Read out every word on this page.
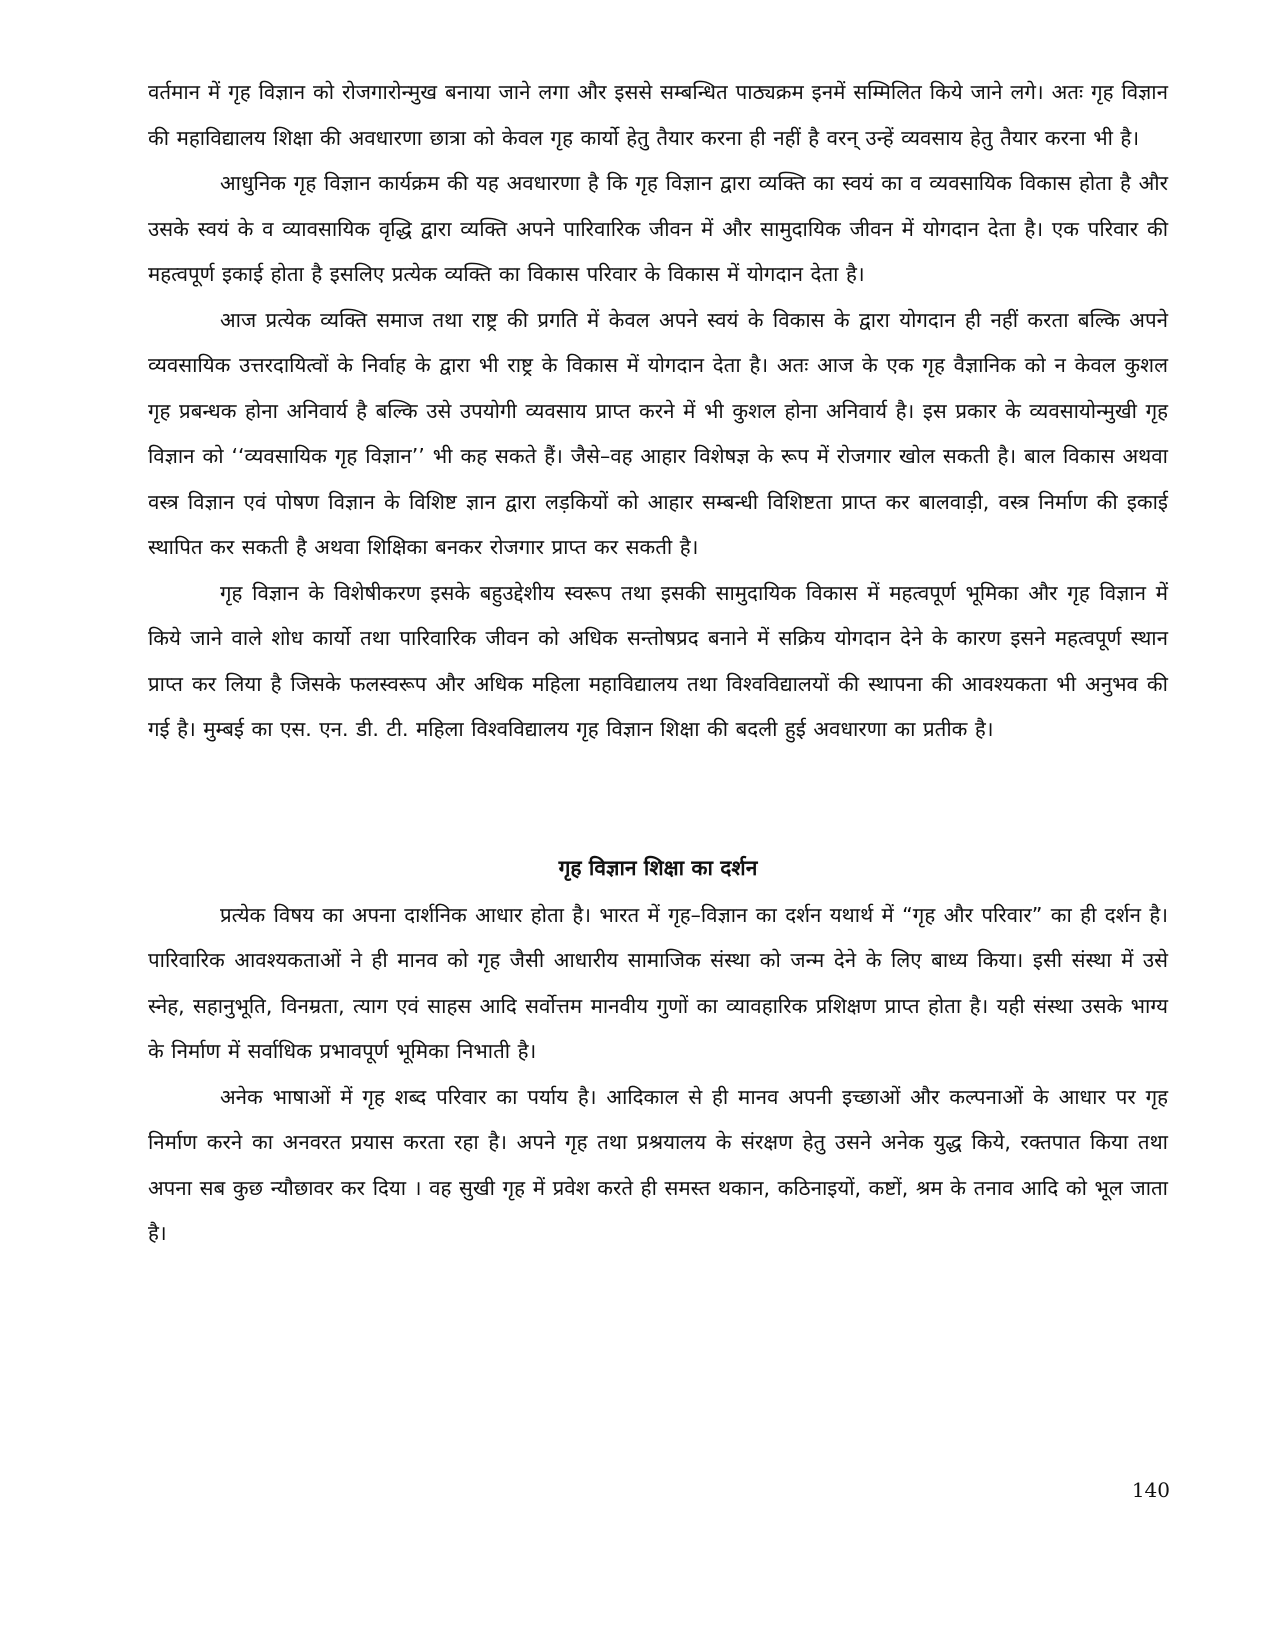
वर्तमान में गृह विज्ञान को रोजगारोन्मुख बनाया जाने लगा और इससे सम्बन्धित पाठ्यक्रम इनमें सम्मिलित किये जाने लगे। अतः गृह विज्ञान की महाविद्यालय शिक्षा की अवधारणा छात्रा को केवल गृह कार्यो हेतु तैयार करना ही नहीं है वरन् उन्हें व्यवसाय हेतु तैयार करना भी है।

आधुनिक गृह विज्ञान कार्यक्रम की यह अवधारणा है कि गृह विज्ञान द्वारा व्यक्ति का स्वयं का व व्यवसायिक विकास होता है और उसके स्वयं के व व्यावसायिक वृद्धि द्वारा व्यक्ति अपने पारिवारिक जीवन में और सामुदायिक जीवन में योगदान देता है। एक परिवार की महत्वपूर्ण इकाई होता है इसलिए प्रत्येक व्यक्ति का विकास परिवार के विकास में योगदान देता है।

आज प्रत्येक व्यक्ति समाज तथा राष्ट्र की प्रगति में केवल अपने स्वयं के विकास के द्वारा योगदान ही नहीं करता बल्कि अपने व्यवसायिक उत्तरदायित्वों के निर्वाह के द्वारा भी राष्ट्र के विकास में योगदान देता है। अतः आज के एक गृह वैज्ञानिक को न केवल कुशल गृह प्रबन्धक होना अनिवार्य है बल्कि उसे उपयोगी व्यवसाय प्राप्त करने में भी कुशल होना अनिवार्य है। इस प्रकार के व्यवसायोन्मुखी गृह विज्ञान को ‘‘व्यवसायिक गृह विज्ञान’’ भी कह सकते हैं। जैसे–वह आहार विशेषज्ञ के रूप में रोजगार खोल सकती है। बाल विकास अथवा वस्त्र विज्ञान एवं पोषण विज्ञान के विशिष्ट ज्ञान द्वारा लड़कियों को आहार सम्बन्धी विशिष्टता प्राप्त कर बालवाड़ी, वस्त्र निर्माण की इकाई स्थापित कर सकती है अथवा शिक्षिका बनकर रोजगार प्राप्त कर सकती है।

गृह विज्ञान के विशेषीकरण इसके बहुउद्देशीय स्वरूप तथा इसकी सामुदायिक विकास में महत्वपूर्ण भूमिका और गृह विज्ञान में किये जाने वाले शोध कार्यो तथा पारिवारिक जीवन को अधिक सन्तोषप्रद बनाने में सक्रिय योगदान देने के कारण इसने महत्वपूर्ण स्थान प्राप्त कर लिया है जिसके फलस्वरूप और अधिक महिला महाविद्यालय तथा विश्वविद्यालयों की स्थापना की आवश्यकता भी अनुभव की गई है। मुम्बई का एस. एन. डी. टी. महिला विश्वविद्यालय गृह विज्ञान शिक्षा की बदली हुई अवधारणा का प्रतीक है।

गृह विज्ञान शिक्षा का दर्शन

प्रत्येक विषय का अपना दार्शनिक आधार होता है। भारत में गृह–विज्ञान का दर्शन यथार्थ में “गृह और परिवार” का ही दर्शन है। पारिवारिक आवश्यकताओं ने ही मानव को गृह जैसी आधारीय सामाजिक संस्था को जन्म देने के लिए बाध्य किया। इसी संस्था में उसे स्नेह, सहानुभूति, विनम्रता, त्याग एवं साहस आदि सर्वोत्तम मानवीय गुणों का व्यावहारिक प्रशिक्षण प्राप्त होता है। यही संस्था उसके भाग्य के निर्माण में सर्वाधिक प्रभावपूर्ण भूमिका निभाती है।

अनेक भाषाओं में गृह शब्द परिवार का पर्याय है। आदिकाल से ही मानव अपनी इच्छाओं और कल्पनाओं के आधार पर गृह निर्माण करने का अनवरत प्रयास करता रहा है। अपने गृह तथा प्रश्रयालय के संरक्षण हेतु उसने अनेक युद्ध किये, रक्तपात किया तथा अपना सब कुछ न्यौछावर कर दिया । वह सुखी गृह में प्रवेश करते ही समस्त थकान, कठिनाइयों, कष्टों, श्रम के तनाव आदि को भूल जाता है।

140
